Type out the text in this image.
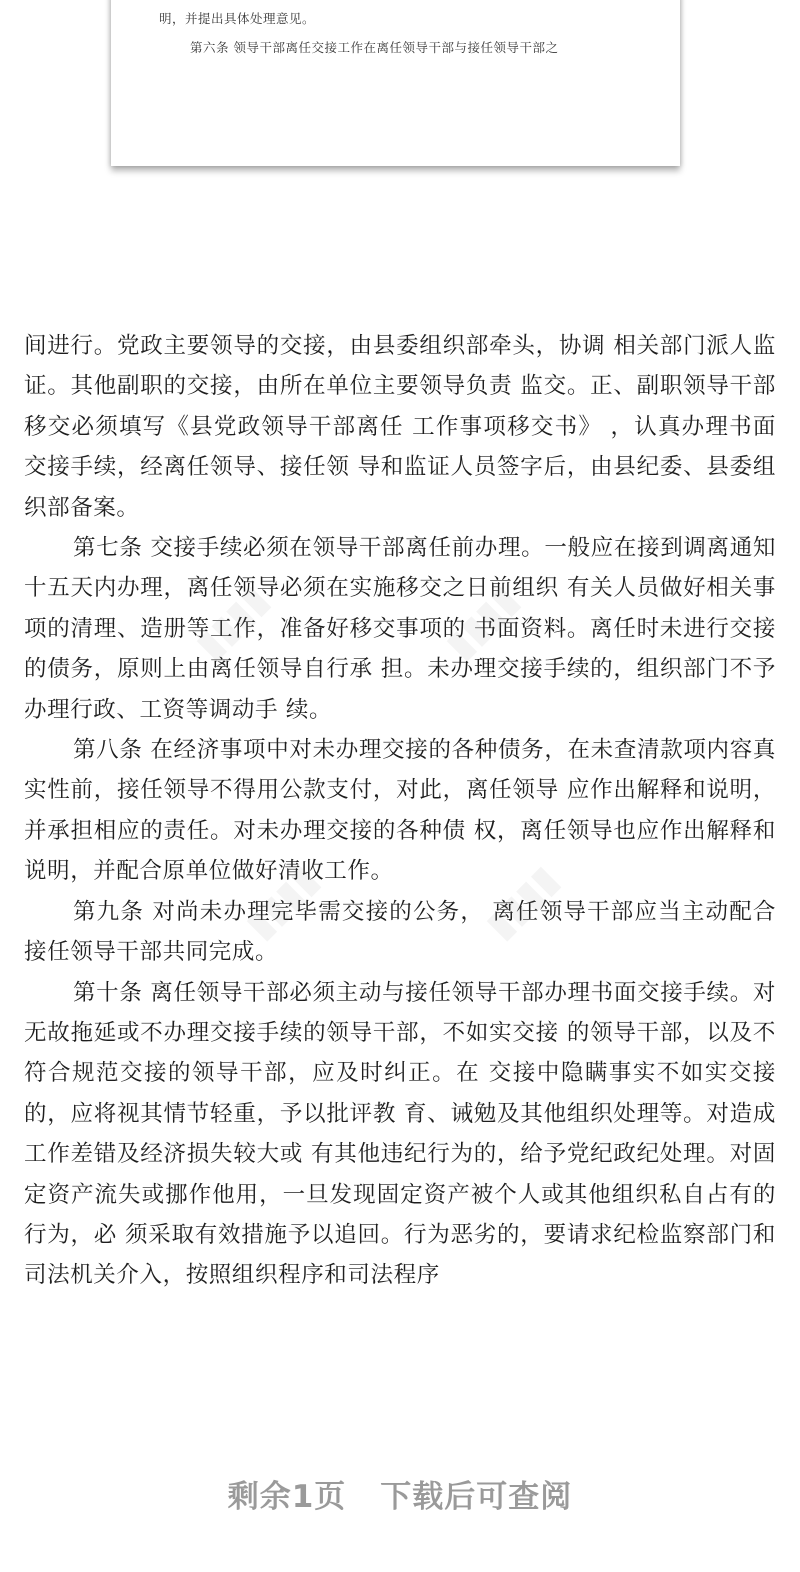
明，并提出具体处理意见。
第六条 领导干部离任交接工作在离任领导干部与接任领导干部之

间进行。党政主要领导的交接，由县委组织部牵头，协调 相关部门派人监证。其他副职的交接，由所在单位主要领导负责 监交。正、副职领导干部移交必须填写《县党政领导干部离任 工作事项移交书》 ，认真办理书面交接手续，经离任领导、接任领 导和监证人员签字后，由县纪委、县委组织部备案。

第七条 交接手续必须在领导干部离任前办理。一般应在接到调离通知十五天内办理，离任领导必须在实施移交之日前组织 有关人员做好相关事项的清理、造册等工作，准备好移交事项的 书面资料。离任时未进行交接的债务，原则上由离任领导自行承 担。未办理交接手续的，组织部门不予办理行政、工资等调动手 续。

第八条 在经济事项中对未办理交接的各种债务，在未查清款项内容真实性前，接任领导不得用公款支付，对此，离任领导 应作出解释和说明，并承担相应的责任。对未办理交接的各种债 权，离任领导也应作出解释和说明，并配合原单位做好清收工作。

第九条 对尚未办理完毕需交接的公务， 离任领导干部应当主动配合接任领导干部共同完成。

第十条 离任领导干部必须主动与接任领导干部办理书面交接手续。对无故拖延或不办理交接手续的领导干部，不如实交接 的领导干部，以及不符合规范交接的领导干部，应及时纠正。在 交接中隐瞒事实不如实交接的，应将视其情节轻重，予以批评教 育、诫勉及其他组织处理等。对造成工作差错及经济损失较大或 有其他违纪行为的，给予党纪政纪处理。对固定资产流失或挪作他用，一旦发现固定资产被个人或其他组织私自占有的行为，必 须采取有效措施予以追回。行为恶劣的，要请求纪检监察部门和 司法机关介入，按照组织程序和司法程序

▮▮▮▮	▮▮▮▮
▮▮▮▮	▮▮▮▮
剩余1页 下载后可查阅
